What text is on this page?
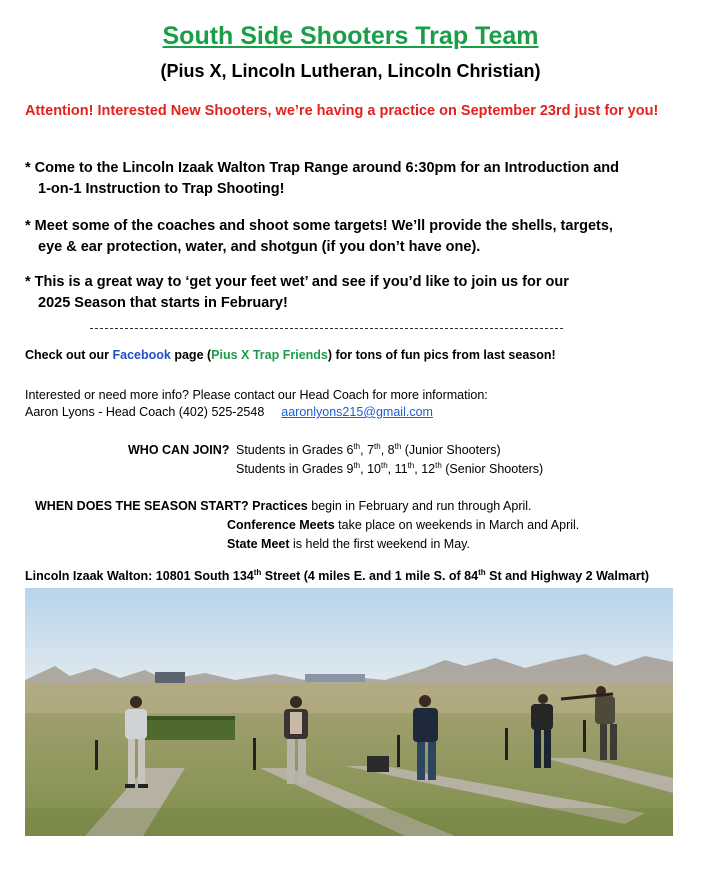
South Side Shooters Trap Team
(Pius X, Lincoln Lutheran, Lincoln Christian)
Attention! Interested New Shooters, we’re having a practice on September 23rd just for you!
* Come to the Lincoln Izaak Walton Trap Range around 6:30pm for an Introduction and
1-on-1 Instruction to Trap Shooting!
* Meet some of the coaches and shoot some targets! We’ll provide the shells, targets,
eye & ear protection, water, and shotgun (if you don’t have one).
* This is a great way to ‘get your feet wet’ and see if you’d like to join us for our
2025 Season that starts in February!
Check out our Facebook page (Pius X Trap Friends) for tons of fun pics from last season!
Interested or need more info? Please contact our Head Coach for more information:
Aaron Lyons - Head Coach (402) 525-2548 aaronlyons215@gmail.com
WHO CAN JOIN? Students in Grades 6th, 7th, 8th (Junior Shooters)
Students in Grades 9th, 10th, 11th, 12th (Senior Shooters)
WHEN DOES THE SEASON START? Practices begin in February and run through April.
Conference Meets take place on weekends in March and April.
State Meet is held the first weekend in May.
Lincoln Izaak Walton: 10801 South 134th Street (4 miles E. and 1 mile S. of 84th St and Highway 2 Walmart)
